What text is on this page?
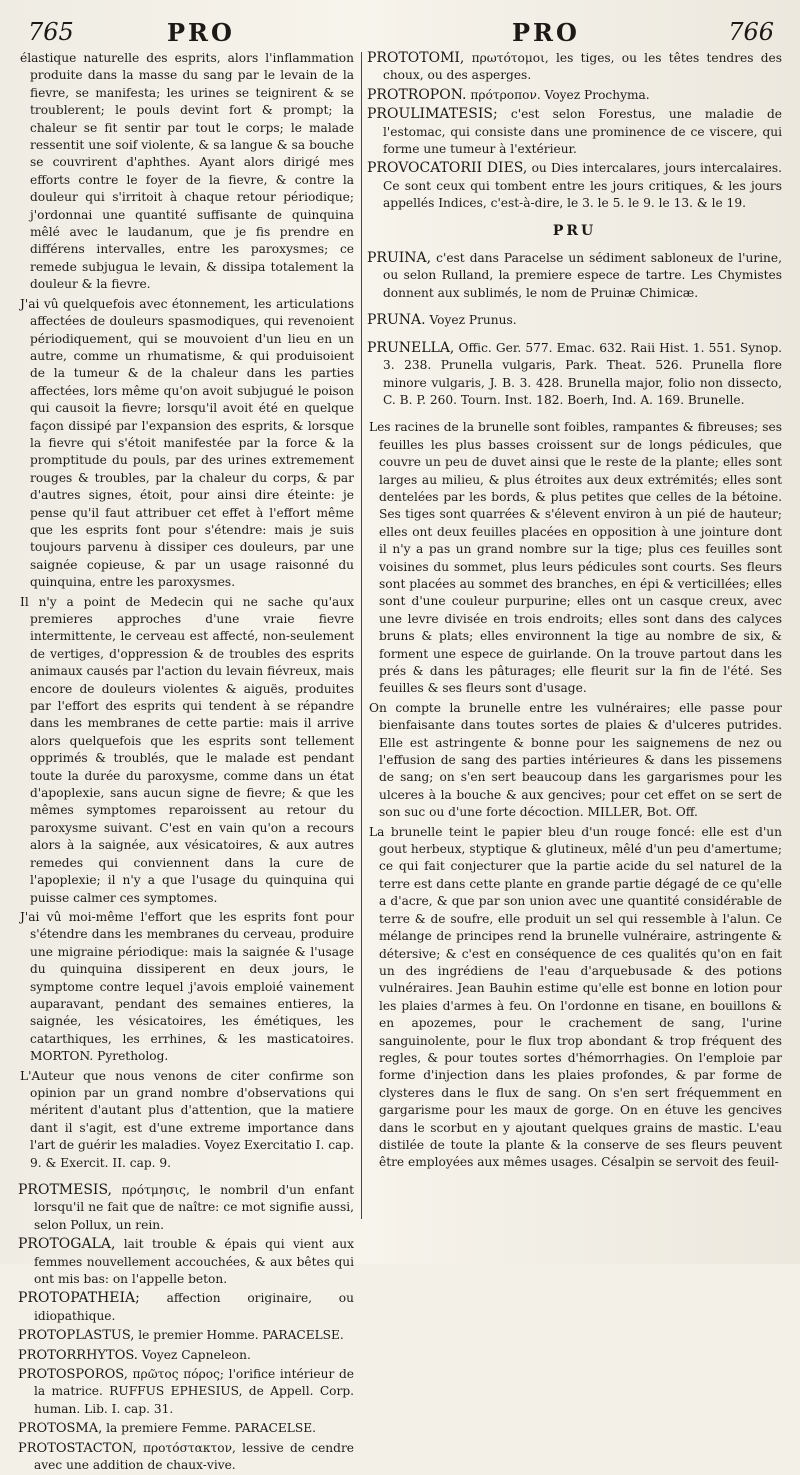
765	PRO	PRO	766

élastique naturelle des esprits, alors l'inflammation produite dans la masse du sang par le levain de la fievre, se manifesta; les urines se teignirent & se troublerent; le pouls devint fort & prompt; la chaleur se fit sentir par tout le corps; le malade ressentit une soif violente, & sa langue & sa bouche se couvrirent d'aphthes. Ayant alors dirigé mes efforts contre le foyer de la fievre, & contre la douleur qui s'irritoit à chaque retour périodique; j'ordonnai une quantité suffisante de quinquina mêlé avec le laudanum, que je fis prendre en différens intervalles, entre les paroxysmes; ce remede subjugua le levain, & dissipa totalement la douleur & la fievre.

J'ai vû quelquefois avec étonnement, les articulations affectées de douleurs spasmodiques, qui revenoient périodiquement, qui se mouvoient d'un lieu en un autre, comme un rhumatisme, & qui produisoient de la tumeur & de la chaleur dans les parties affectées, lors même qu'on avoit subjugué le poison qui causoit la fievre; lorsqu'il avoit été en quelque façon dissipé par l'expansion des esprits, & lorsque la fievre qui s'étoit manifestée par la force & la promptitude du pouls, par des urines extremement rouges & troubles, par la chaleur du corps, & par d'autres signes, étoit, pour ainsi dire éteinte: je pense qu'il faut attribuer cet effet à l'effort même que les esprits font pour s'étendre: mais je suis toujours parvenu à dissiper ces douleurs, par une saignée copieuse, & par un usage raisonné du quinquina, entre les paroxysmes.

Il n'y a point de Medecin qui ne sache qu'aux premieres approches d'une vraie fievre intermittente, le cerveau est affecté, non-seulement de vertiges, d'oppression & de troubles des esprits animaux causés par l'action du levain fiévreux, mais encore de douleurs violentes & aiguës, produites par l'effort des esprits qui tendent à se répandre dans les membranes de cette partie: mais il arrive alors quelquefois que les esprits sont tellement opprimés & troublés, que le malade est pendant toute la durée du paroxysme, comme dans un état d'apoplexie, sans aucun signe de fievre; & que les mêmes symptomes reparoissent au retour du paroxysme suivant. C'est en vain qu'on a recours alors à la saignée, aux vésicatoires, & aux autres remedes qui conviennent dans la cure de l'apoplexie; il n'y a que l'usage du quinquina qui puisse calmer ces symptomes.

J'ai vû moi-même l'effort que les esprits font pour s'étendre dans les membranes du cerveau, produire une migraine périodique: mais la saignée & l'usage du quinquina dissiperent en deux jours, le symptome contre lequel j'avois emploié vainement auparavant, pendant des semaines entieres, la saignée, les vésicatoires, les émétiques, les catarthiques, les errhines, & les masticatoires. MORTON. Pyretholog.

L'Auteur que nous venons de citer confirme son opinion par un grand nombre d'observations qui méritent d'autant plus d'attention, que la matiere dant il s'agit, est d'une extreme importance dans l'art de guérir les maladies. Voyez Exercitatio I. cap. 9. & Exercit. II. cap. 9.

PROTMESIS, πρότμησις, le nombril d'un enfant lorsqu'il ne fait que de naître: ce mot signifie aussi, selon Pollux, un rein.

PROTOGALA, lait trouble & épais qui vient aux femmes nouvellement accouchées, & aux bêtes qui ont mis bas: on l'appelle beton.

PROTOPATHEIA; affection originaire, ou idiopathique.

PROTOPLASTUS, le premier Homme. PARACELSE.

PROTORRHYTOS. Voyez Capneleon.

PROTOSPOROS, πρῶτος πόρος; l'orifice intérieur de la matrice. RUFFUS EPHESIUS, de Appell. Corp. human. Lib. I. cap. 31.

PROTOSMA, la premiere Femme. PARACELSE.

PROTOSTACTON, προτόσταкτον, lessive de cendre avec une addition de chaux-vive.

PROTOTOMI, πρωτότομοι, les tiges, ou les têtes tendres des choux, ou des asperges.

PROTROPON. πρότροπον. Voyez Prochyma.

PROULIMATESIS; c'est selon Forestus, une maladie de l'estomac, qui consiste dans une prominence de ce viscere, qui forme une tumeur à l'extérieur.

PROVOCATORII DIES, ou Dies intercalares, jours intercalaires. Ce sont ceux qui tombent entre les jours critiques, & les jours appellés Indices, c'est-à-dire, le 3. le 5. le 9. le 13. & le 19.

PRU

PRUINA, c'est dans Paracelse un sédiment sabloneux de l'urine, ou selon Rulland, la premiere espece de tartre. Les Chymistes donnent aux sublimés, le nom de Pruinæ Chimicæ.

PRUNA. Voyez Prunus.

PRUNELLA, Offic. Ger. 577. Emac. 632. Raii Hist. 1. 551. Synop. 3. 238. Prunella vulgaris, Park. Theat. 526. Prunella flore minore vulgaris, J. B. 3. 428. Brunella major, folio non dissecto, C. B. P. 260. Tourn. Inst. 182. Boerh, Ind. A. 169. Brunelle.

Les racines de la brunelle sont foibles, rampantes & fibreuses; ses feuilles les plus basses croissent sur de longs pédicules, que couvre un peu de duvet ainsi que le reste de la plante; elles sont larges au milieu, & plus étroites aux deux extrémités; elles sont dentelées par les bords, & plus petites que celles de la bétoine. Ses tiges sont quarrées & s'élevent environ à un pié de hauteur; elles ont deux feuilles placées en opposition à une jointure dont il n'y a pas un grand nombre sur la tige; plus ces feuilles sont voisines du sommet, plus leurs pédicules sont courts. Ses fleurs sont placées au sommet des branches, en épi & verticillées; elles sont d'une couleur purpurine; elles ont un casque creux, avec une levre divisée en trois endroits; elles sont dans des calyces bruns & plats; elles environnent la tige au nombre de six, & forment une espece de guirlande. On la trouve partout dans les prés & dans les pâturages; elle fleurit sur la fin de l'été. Ses feuilles & ses fleurs sont d'usage.

On compte la brunelle entre les vulnéraires; elle passe pour bienfaisante dans toutes sortes de plaies & d'ulceres putrides. Elle est astringente & bonne pour les saignemens de nez ou l'effusion de sang des parties intérieures & dans les pissemens de sang; on s'en sert beaucoup dans les gargarismes pour les ulceres à la bouche & aux gencives; pour cet effet on se sert de son suc ou d'une forte décoction. MILLER, Bot. Off.

La brunelle teint le papier bleu d'un rouge foncé: elle est d'un gout herbeux, styptique & glutineux, mêlé d'un peu d'amertume; ce qui fait conjecturer que la partie acide du sel naturel de la terre est dans cette plante en grande partie dégagé de ce qu'elle a d'acre, & que par son union avec une quantité considérable de terre & de soufre, elle produit un sel qui ressemble à l'alun. Ce mélange de principes rend la brunelle vulnéraire, astringente & détersive; & c'est en conséquence de ces qualités qu'on en fait un des ingrédiens de l'eau d'arquebusade & des potions vulnéraires. Jean Bauhin estime qu'elle est bonne en lotion pour les plaies d'armes à feu. On l'ordonne en tisane, en bouillons & en apozemes, pour le crachement de sang, l'urine sanguinolente, pour le flux trop abondant & trop fréquent des regles, & pour toutes sortes d'hémorrhagies. On l'emploie par forme d'injection dans les plaies profondes, & par forme de clysteres dans le flux de sang. On s'en sert fréquemment en gargarisme pour les maux de gorge. On en étuve les gencives dans le scorbut en y ajoutant quelques grains de mastic. L'eau distilée de toute la plante & la conserve de ses fleurs peuvent être employées aux mêmes usages. Césalpin se servoit des feuil-
